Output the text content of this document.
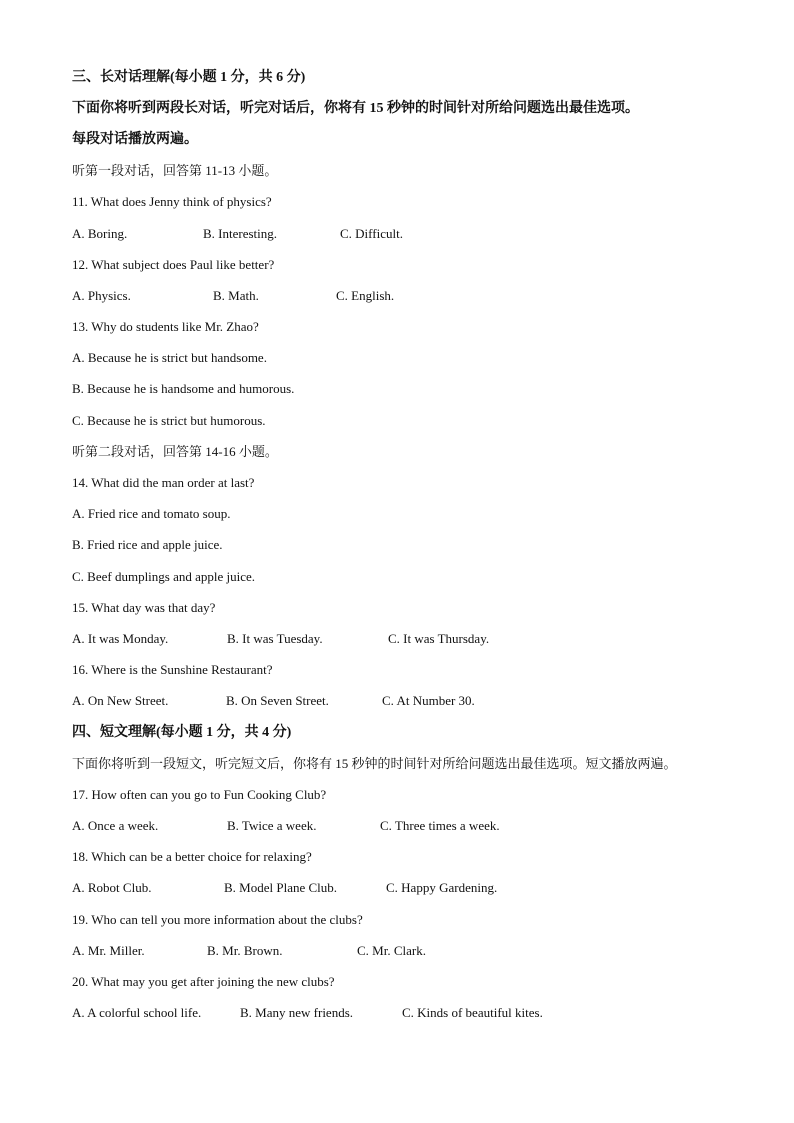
三、长对话理解(每小题 1 分，共 6 分)
下面你将听到两段长对话，听完对话后，你将有 15 秒钟的时间针对所给问题选出最佳选项。
每段对话播放两遍。
听第一段对话，回答第 11-13 小题。
11. What does Jenny think of physics?
A. Boring.	B. Interesting.	C. Difficult.
12. What subject does Paul like better?
A. Physics.	B. Math.	C. English.
13. Why do students like Mr. Zhao?
A. Because he is strict but handsome.
B. Because he is handsome and humorous.
C. Because he is strict but humorous.
听第二段对话，回答第 14-16 小题。
14. What did the man order at last?
A. Fried rice and tomato soup.
B. Fried rice and apple juice.
C. Beef dumplings and apple juice.
15. What day was that day?
A. It was Monday.	B. It was Tuesday.	C. It was Thursday.
16. Where is the Sunshine Restaurant?
A. On New Street.	B. On Seven Street.	C. At Number 30.
四、短文理解(每小题 1 分，共 4 分)
下面你将听到一段短文，听完短文后，你将有 15 秒钟的时间针对所给问题选出最佳选项。短文播放两遍。
17. How often can you go to Fun Cooking Club?
A. Once a week.	B. Twice a week.	C. Three times a week.
18. Which can be a better choice for relaxing?
A. Robot Club.	B. Model Plane Club.	C. Happy Gardening.
19. Who can tell you more information about the clubs?
A. Mr. Miller.	B. Mr. Brown.	C. Mr. Clark.
20. What may you get after joining the new clubs?
A. A colorful school life.	B. Many new friends.	C. Kinds of beautiful kites.
